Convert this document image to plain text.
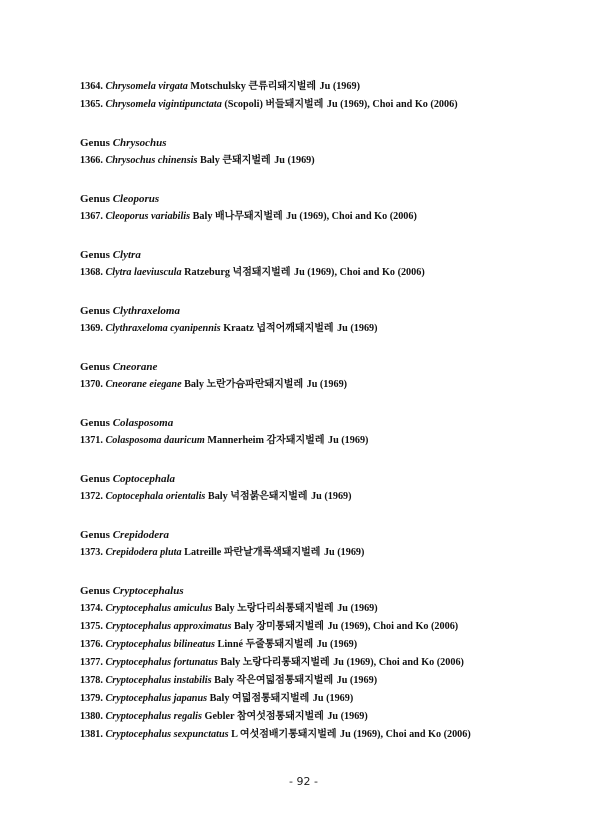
1364. Chrysomela virgata Motschulsky 큰류리돼지벌레 Ju (1969)
1365. Chrysomela vigintipunctata (Scopoli) 버들돼지벌레 Ju (1969), Choi and Ko (2006)
Genus Chrysochus
1366. Chrysochus chinensis Baly 큰돼지벌레 Ju (1969)
Genus Cleoporus
1367. Cleoporus variabilis Baly 배나무돼지벌레 Ju (1969), Choi and Ko (2006)
Genus Clytra
1368. Clytra laeviuscula Ratzeburg 넉점돼지벌레 Ju (1969), Choi and Ko (2006)
Genus Clythraxeloma
1369. Clythraxeloma cyanipennis Kraatz 넙적어깨돼지벌레 Ju (1969)
Genus Cneorane
1370. Cneorane eiegane Baly 노란가슴파란돼지벌레 Ju (1969)
Genus Colasposoma
1371. Colasposoma dauricum Mannerheim 감자돼지벌레 Ju (1969)
Genus Coptocephala
1372. Coptocephala orientalis Baly 넉점붉은돼지벌레 Ju (1969)
Genus Crepidodera
1373. Crepidodera pluta Latreille 파란날개록색돼지벌레 Ju (1969)
Genus Cryptocephalus
1374. Cryptocephalus amiculus Baly 노랑다리쇠통돼지벌레 Ju (1969)
1375. Cryptocephalus approximatus Baly 장미통돼지벌레 Ju (1969), Choi and Ko (2006)
1376. Cryptocephalus bilineatus Linné 두줄통돼지벌레 Ju (1969)
1377. Cryptocephalus fortunatus Baly 노랑다리통돼지벌레 Ju (1969), Choi and Ko (2006)
1378. Cryptocephalus instabilis Baly 작은여덟점통돼지벌레 Ju (1969)
1379. Cryptocephalus japanus Baly 여덟점통돼지벌레 Ju (1969)
1380. Cryptocephalus regalis Gebler 참여섯점통돼지벌레 Ju (1969)
1381. Cryptocephalus sexpunctatus L 여섯점배기통돼지벌레 Ju (1969), Choi and Ko (2006)
- 92 -
